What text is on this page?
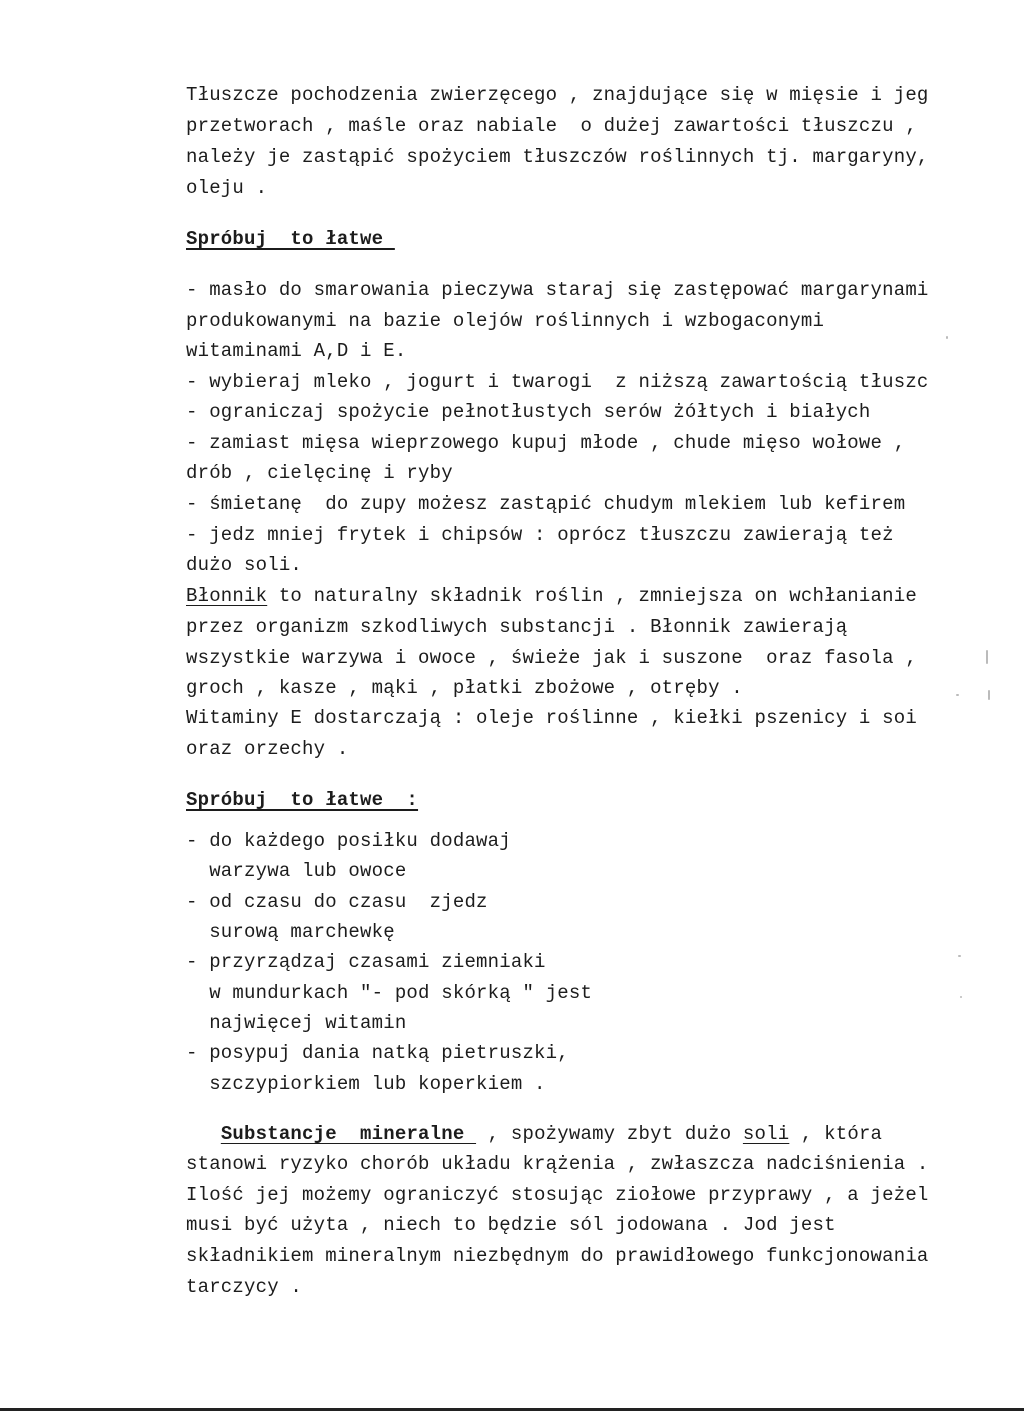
Tłuszcze pochodzenia zwierzęcego , znajdujące się w mięsie i jeg

przetworach , maśle oraz nabiale  o dużej zawartości tłuszczu ,

należy je zastąpić spożyciem tłuszczów roślinnych tj. margaryny,

oleju .

Spróbuj  to łatwe

- masło do smarowania pieczywa staraj się zastępować margarynami

produkowanymi na bazie olejów roślinnych i wzbogaconymi

witaminami A,D i E.

- wybieraj mleko , jogurt i twarogi  z niższą zawartością tłuszc

- ograniczaj spożycie pełnotłustych serów żółtych i białych

- zamiast mięsa wieprzowego kupuj młode , chude mięso wołowe ,

drób , cielęcinę i ryby

- śmietanę  do zupy możesz zastąpić chudym mlekiem lub kefirem

- jedz mniej frytek i chipsów : oprócz tłuszczu zawierają też

dużo soli.

Błonnik to naturalny składnik roślin , zmniejsza on wchłanianie

przez organizm szkodliwych substancji . Błonnik zawierają

wszystkie warzywa i owoce , świeże jak i suszone  oraz fasola ,

groch , kasze , mąki , płatki zbożowe , otręby .

Witaminy E dostarczają : oleje roślinne , kiełki pszenicy i soi

oraz orzechy .

Spróbuj  to łatwe  :

- do każdego posiłku dodawaj

warzywa lub owoce

- od czasu do czasu  zjedz

surową marchewkę

- przyrządzaj czasami ziemniaki

w mundurkach "- pod skórką " jest

najwięcej witamin

- posypuj dania natką pietruszki,

szczypiorkiem lub koperkiem .

Substancje  mineralne  , spożywamy zbyt dużo soli , która

stanowi ryzyko chorób układu krążenia , zwłaszcza nadciśnienia .

Ilość jej możemy ograniczyć stosując ziołowe przyprawy , a jeżel

musi być użyta , niech to będzie sól jodowana . Jod jest

składnikiem mineralnym niezbędnym do prawidłowego funkcjonowania

tarczycy .
